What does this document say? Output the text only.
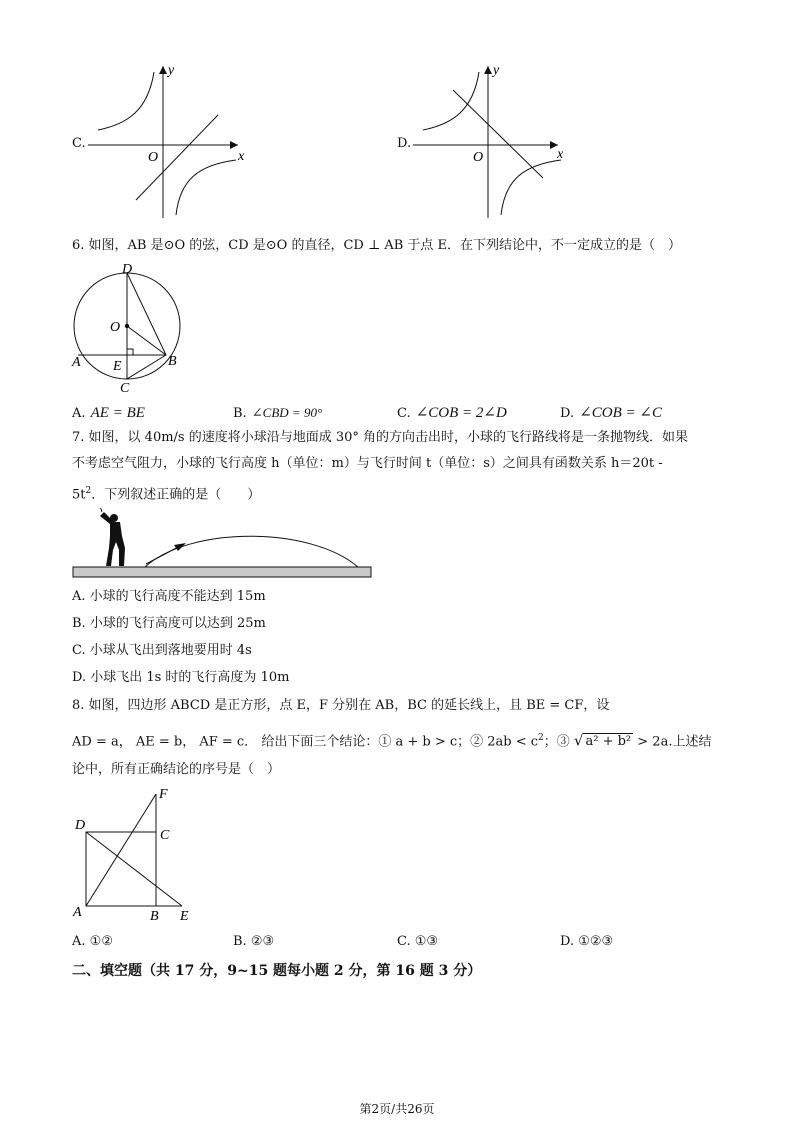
C.
y
x
O
D.
y
x
O
6. 如图，AB 是⊙O 的弦，CD 是⊙O 的直径，CD ⊥ AB 于点 E．在下列结论中，不一定成立的是（　）
D
O
A E	B
C
A. AE = BE	B. ∠CBD = 90°	C. ∠COB = 2∠D	D. ∠COB = ∠C
7. 如图，以 40m/s 的速度将小球沿与地面成 30° 角的方向击出时，小球的飞行路线将是一条抛物线．如果
不考虑空气阻力，小球的飞行高度 h（单位：m）与飞行时间 t（单位：s）之间具有函数关系 h＝20t -
$5t^2$．下列叙述正确的是（　　）
A. 小球的飞行高度不能达到 15m
B. 小球的飞行高度可以达到 25m
C. 小球从飞出到落地要用时 4s
D. 小球飞出 1s 时的飞行高度为 10m
8. 如图，四边形 ABCD 是正方形，点 E，F 分别在 AB，BC 的延长线上，且 BE = CF，设
AD = a， AE = b， AF = c． 给出下面三个结论：① a + b > c；② $2ab < c^2$；③ √ a² + b² > 2a.上述结
论中，所有正确结论的序号是（　）
F
D
C
A	B E
A. ①②	B. ②③	C. ①③	D. ①②③
二、填空题（共 17 分，9~15 题每小题 2 分，第 16 题 3 分）
第2页/共26页
